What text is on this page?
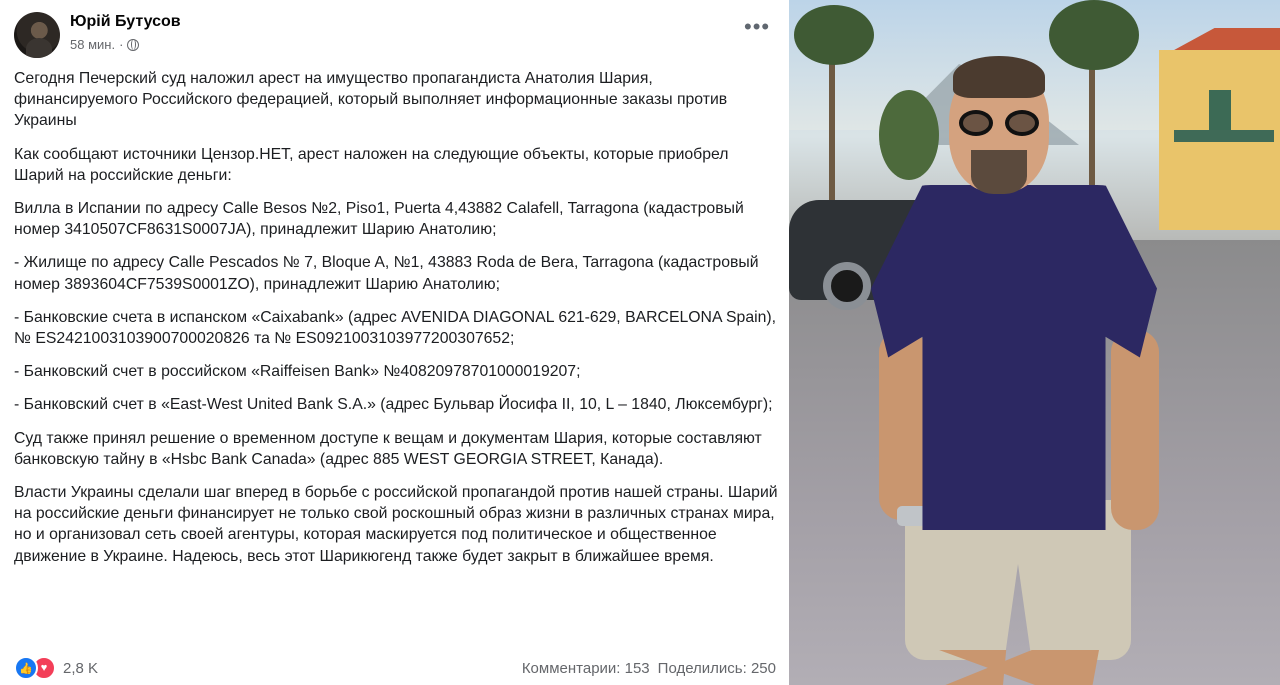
Юрій Бутусов
58 мин. ·
•••

Сегодня Печерский суд наложил арест на имущество пропагандиста Анатолия Шария, финансируемого Российского федерацией, который выполняет информационные заказы против Украины

Как сообщают источники Цензор.НЕТ, арест наложен на следующие объекты, которые приобрел Шарий на российские деньги:

Вилла в Испании по адресу Calle Besos №2, Piso1, Puerta 4,43882 Calafell, Tarragona (кадастровый номер 3410507CF8631S0007JA), принадлежит Шарию Анатолию;

- Жилище по адресу Calle Pescados № 7, Bloque A, №1, 43883 Roda de Bera, Tarragona (кадастровый номер 3893604CF7539S0001ZO), принадлежит Шарию Анатолию;

- Банковские счета в испанском «Caixabank» (адрес AVENIDA DIAGONAL 621-629, BARCELONA Spain), № ES2421003103900700020826 та № ES0921003103977200307652;

- Банковский счет в российском «Raiffeisen Bank» №40820978701000019207;

- Банковский счет в «East-West United Bank S.A.» (адрес Бульвар Йосифа II, 10, L – 1840, Люксембург);

Суд также принял решение о временном доступе к вещам и документам Шария, которые составляют банковскую тайну в «Hsbc Bank Canada» (адрес 885 WEST GEORGIA STREET, Канада).

Власти Украины сделали шаг вперед в борьбе с российской пропагандой против нашей страны. Шарий на российские деньги финансирует не только свой роскошный образ жизни в различных странах мира, но и организовал сеть своей агентуры, которая маскируется под политическое и общественное движение в Украине. Надеюсь, весь этот Шарикюгенд также будет закрыт в ближайшее время.

👍 ♥	2,8 K	Комментарии: 153 Поделились: 250
